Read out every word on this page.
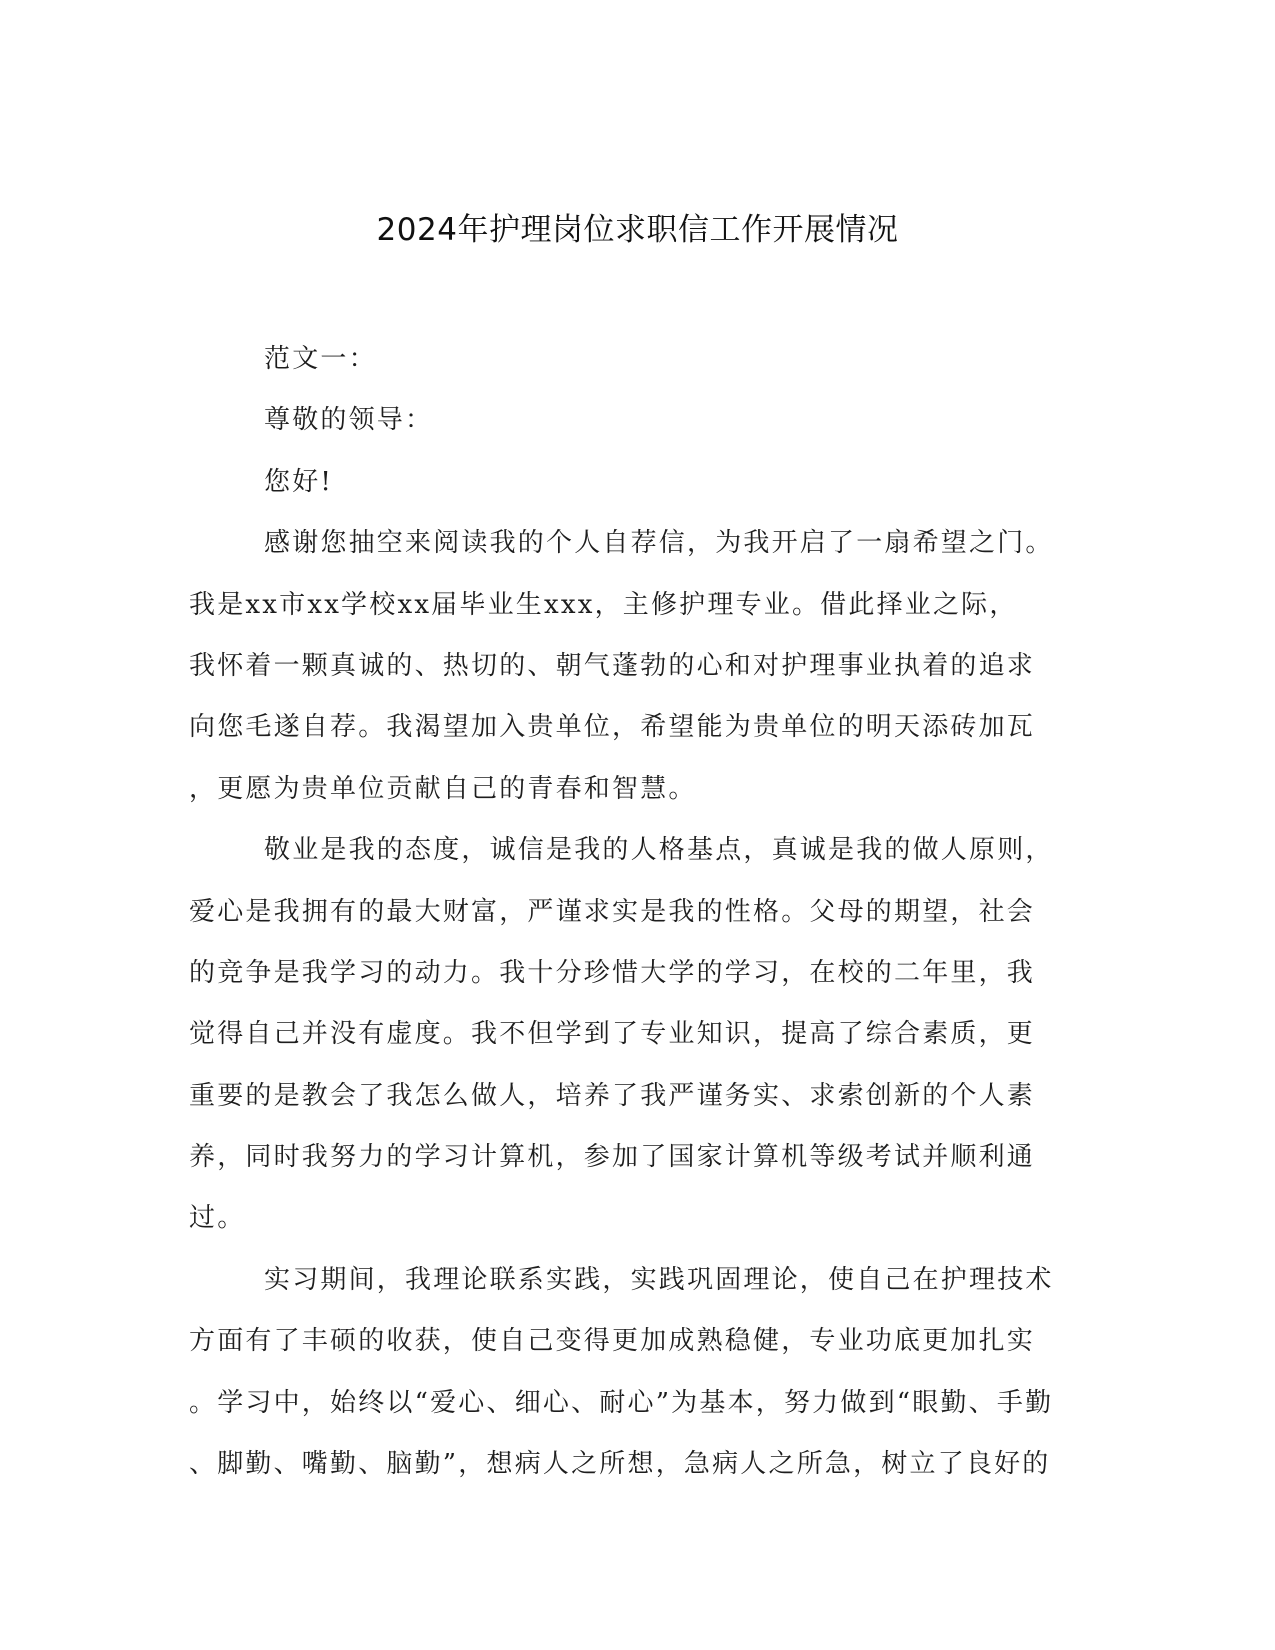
2024年护理岗位求职信工作开展情况
范文一：
尊敬的领导：
您好!
感谢您抽空来阅读我的个人自荐信，为我开启了一扇希望之门。
我是xx市xx学校xx届毕业生xxx，主修护理专业。借此择业之际，
我怀着一颗真诚的、热切的、朝气蓬勃的心和对护理事业执着的追求
向您毛遂自荐。我渴望加入贵单位，希望能为贵单位的明天添砖加瓦
，更愿为贵单位贡献自己的青春和智慧。
敬业是我的态度，诚信是我的人格基点，真诚是我的做人原则，
爱心是我拥有的最大财富，严谨求实是我的性格。父母的期望，社会
的竞争是我学习的动力。我十分珍惜大学的学习，在校的二年里，我
觉得自己并没有虚度。我不但学到了专业知识，提高了综合素质，更
重要的是教会了我怎么做人，培养了我严谨务实、求索创新的个人素
养，同时我努力的学习计算机，参加了国家计算机等级考试并顺利通
过。
实习期间，我理论联系实践，实践巩固理论，使自己在护理技术
方面有了丰硕的收获，使自己变得更加成熟稳健，专业功底更加扎实
。学习中，始终以“爱心、细心、耐心”为基本，努力做到“眼勤、手勤
、脚勤、嘴勤、脑勤”，想病人之所想，急病人之所急，树立了良好的
